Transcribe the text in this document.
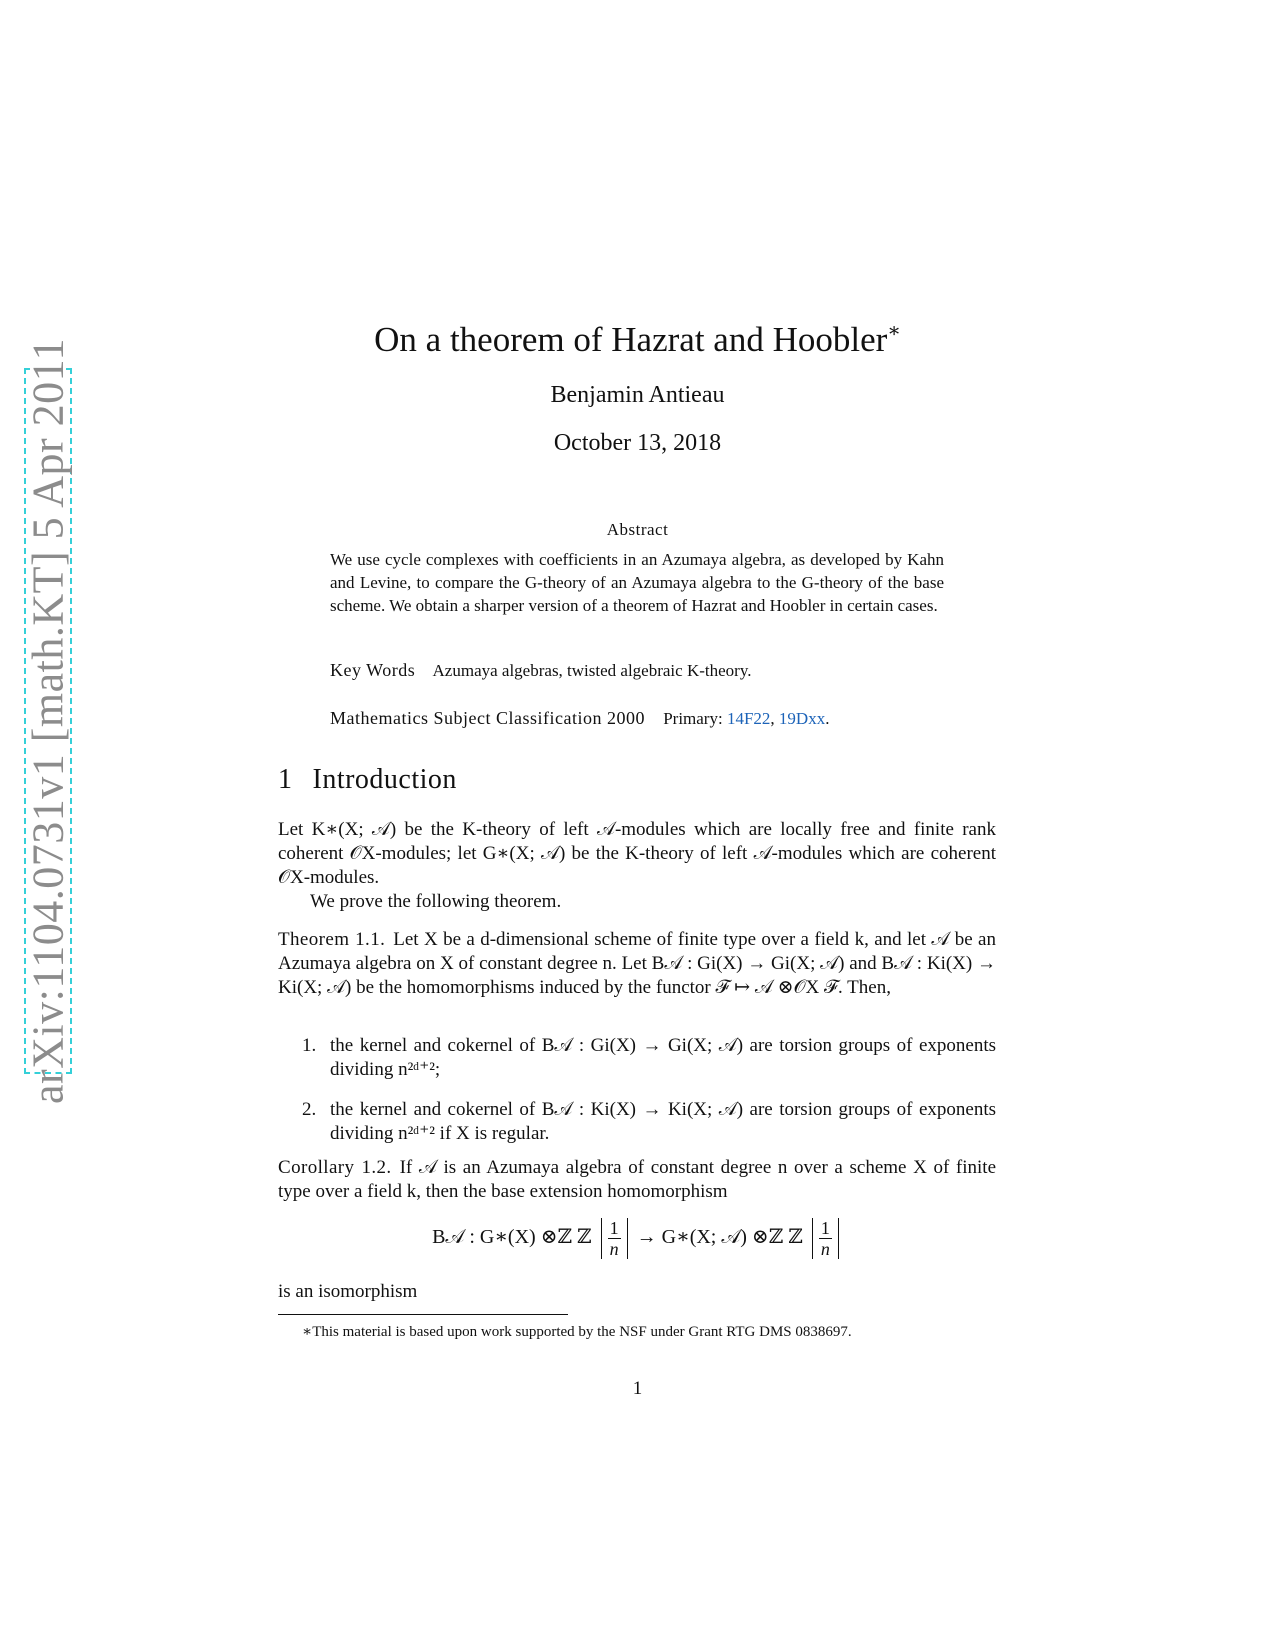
arXiv:1104.0731v1 [math.KT] 5 Apr 2011	On a theorem of Hazrat and Hoobler∗
Benjamin Antieau
October 13, 2018
Abstract
We use cycle complexes with coefficients in an Azumaya algebra, as developed by Kahn and Levine, to compare the G-theory of an Azumaya algebra to the G-theory of the base scheme. We obtain a sharper version of a theorem of Hazrat and Hoobler in certain cases.
Key Words Azumaya algebras, twisted algebraic K-theory.
Mathematics Subject Classification 2000 Primary: 14F22, 19Dxx.
1 Introduction
Let K∗(X; 𝒜) be the K-theory of left 𝒜-modules which are locally free and finite rank coherent 𝒪X-modules; let G∗(X; 𝒜) be the K-theory of left 𝒜-modules which are coherent 𝒪X-modules.
We prove the following theorem.
Theorem 1.1. Let X be a d-dimensional scheme of finite type over a field k, and let 𝒜 be an Azumaya algebra on X of constant degree n. Let B𝒜 : Gi(X) → Gi(X; 𝒜) and B𝒜 : Ki(X) → Ki(X; 𝒜) be the homomorphisms induced by the functor ℱ ↦ 𝒜 ⊗𝒪X ℱ. Then,
1. the kernel and cokernel of B𝒜 : Gi(X) → Gi(X; 𝒜) are torsion groups of exponents dividing n²ᵈ⁺²;
2. the kernel and cokernel of B𝒜 : Ki(X) → Ki(X; 𝒜) are torsion groups of exponents dividing n²ᵈ⁺² if X is regular.
Corollary 1.2. If 𝒜 is an Azumaya algebra of constant degree n over a scheme X of finite type over a field k, then the base extension homomorphism
B𝒜 : G∗(X) ⊗ℤ ℤ $\frac{1}{n}$ → G∗(X; 𝒜) ⊗ℤ ℤ $\frac{1}{n}$
is an isomorphism
∗This material is based upon work supported by the NSF under Grant RTG DMS 0838697.
1
